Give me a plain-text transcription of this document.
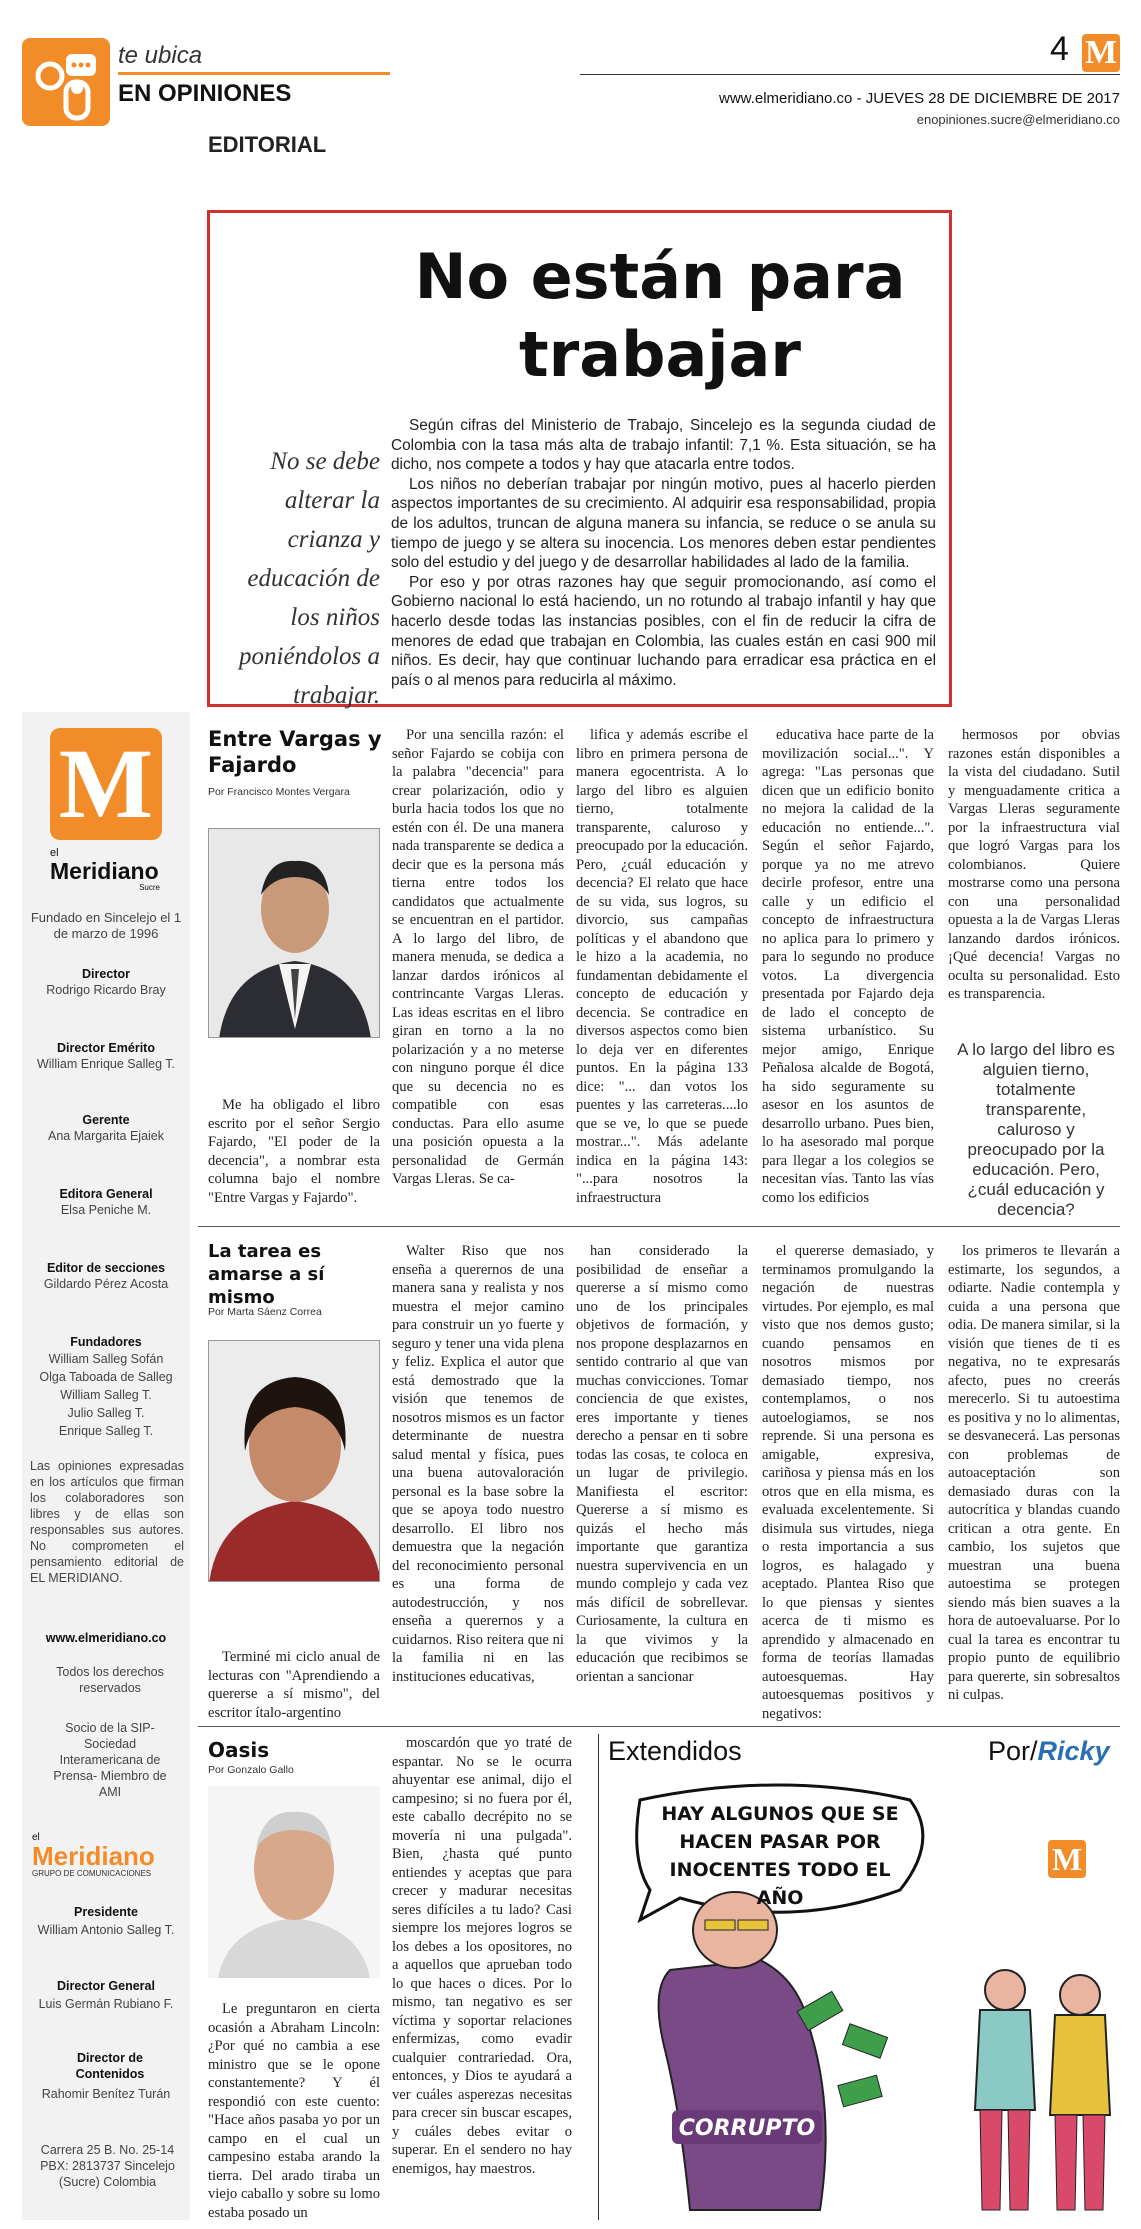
te ubica
EN OPINIONES
EDITORIAL
4 M
www.elmeridiano.co - JUEVES 28 DE DICIEMBRE DE 2017
enopiniones.sucre@elmeridiano.co
No están para trabajar
No se debe alterar la crianza y educación de los niños poniéndolos a trabajar.

Según cifras del Ministerio de Trabajo, Sincelejo es la segunda ciudad de Colombia con la tasa más alta de trabajo infantil: 7,1 %. Esta situación, se ha dicho, nos compete a todos y hay que atacarla entre todos.

Los niños no deberían trabajar por ningún motivo, pues al hacerlo pierden aspectos importantes de su crecimiento. Al adquirir esa responsabilidad, propia de los adultos, truncan de alguna manera su infancia, se reduce o se anula su tiempo de juego y se altera su inocencia. Los menores deben estar pendientes solo del estudio y del juego y de desarrollar habilidades al lado de la familia.

Por eso y por otras razones hay que seguir promocionando, así como el Gobierno nacional lo está haciendo, un no rotundo al trabajo infantil y hay que hacerlo desde todas las instancias posibles, con el fin de reducir la cifra de menores de edad que trabajan en Colombia, las cuales están en casi 900 mil niños. Es decir, hay que continuar luchando para erradicar esa práctica en el país o al menos para reducirla al máximo.

M
el
Meridiano
Sucre
Fundado en Sincelejo el 1 de marzo de 1996
Director
Rodrigo Ricardo Bray
Director Emérito
William Enrique Salleg T.
Gerente
Ana Margarita Ejaiek
Editora General
Elsa Peniche M.
Editor de secciones
Gildardo Pérez Acosta
Fundadores
William Salleg Sofán
Olga Taboada de Salleg
William Salleg T.
Julio Salleg T.
Enrique Salleg T.
Las opiniones expresadas en los artículos que firman los colaboradores son libres y de ellas son responsables sus autores. No comprometen el pensamiento editorial de EL MERIDIANO.
www.elmeridiano.co
Todos los derechos reservados
Socio de la SIP- Sociedad Interamericana de Prensa- Miembro de AMI
el
Meridiano
GRUPO DE COMUNICACIONES
Presidente
William Antonio Salleg T.
Director General
Luis Germán Rubiano F.
Director de Contenidos
Rahomir Benítez Turán
Carrera 25 B. No. 25-14 PBX: 2813737 Sincelejo (Sucre) Colombia
Entre Vargas y Fajardo
Por Francisco Montes Vergara

Me ha obligado el libro escrito por el señor Sergio Fajardo, "El poder de la decencia", a nombrar esta columna bajo el nombre "Entre Vargas y Fajardo".

Por una sencilla razón: el señor Fajardo se cobija con la palabra "decencia" para crear polarización, odio y burla hacia todos los que no estén con él. De una manera nada transparente se dedica a decir que es la persona más tierna entre todos los candidatos que actualmente se encuentran en el partidor. A lo largo del libro, de manera menuda, se dedica a lanzar dardos irónicos al contrincante Vargas Lleras. Las ideas escritas en el libro giran en torno a la no polarización y a no meterse con ninguno porque él dice que su decencia no es compatible con esas conductas. Para ello asume una posición opuesta a la personalidad de Germán Vargas Lleras. Se ca-

lifica y además escribe el libro en primera persona de manera egocentrista. A lo largo del libro es alguien tierno, totalmente transparente, caluroso y preocupado por la educación. Pero, ¿cuál educación y decencia? El relato que hace de su vida, sus logros, su divorcio, sus campañas políticas y el abandono que le hizo a la academia, no fundamentan debidamente el concepto de educación y decencia. Se contradice en diversos aspectos como bien lo deja ver en diferentes puntos. En la página 133 dice: "... dan votos los puentes y las carreteras....lo que se ve, lo que se puede mostrar...". Más adelante indica en la página 143: "...para nosotros la infraestructura

educativa hace parte de la movilización social...". Y agrega: "Las personas que dicen que un edificio bonito no mejora la calidad de la educación no entiende...". Según el señor Fajardo, porque ya no me atrevo decirle profesor, entre una calle y un edificio el concepto de infraestructura no aplica para lo primero y para lo segundo no produce votos. La divergencia presentada por Fajardo deja de lado el concepto de sistema urbanístico. Su mejor amigo, Enrique Peñalosa alcalde de Bogotá, ha sido seguramente su asesor en los asuntos de desarrollo urbano. Pues bien, lo ha asesorado mal porque para llegar a los colegios se necesitan vías. Tanto las vías como los edificios

hermosos por obvias razones están disponibles a la vista del ciudadano. Sutil y menguadamente critica a Vargas Lleras seguramente por la infraestructura vial que logró Vargas para los colombianos. Quiere mostrarse como una persona con una personalidad opuesta a la de Vargas Lleras lanzando dardos irónicos. ¡Qué decencia! Vargas no oculta su personalidad. Esto es transparencia.

A lo largo del libro es alguien tierno, totalmente transparente, caluroso y preocupado por la educación. Pero, ¿cuál educación y decencia?
La tarea es amarse a sí mismo
Por Marta Sáenz Correa

Terminé mi ciclo anual de lecturas con "Aprendiendo a quererse a sí mismo", del escritor ítalo-argentino

Walter Riso que nos enseña a querernos de una manera sana y realista y nos muestra el mejor camino para construir un yo fuerte y seguro y tener una vida plena y feliz. Explica el autor que está demostrado que la visión que tenemos de nosotros mismos es un factor determinante de nuestra salud mental y física, pues una buena autovaloración personal es la base sobre la que se apoya todo nuestro desarrollo. El libro nos demuestra que la negación del reconocimiento personal es una forma de autodestrucción, y nos enseña a querernos y a cuidarnos. Riso reitera que ni la familia ni en las instituciones educativas,

han considerado la posibilidad de enseñar a quererse a sí mismo como uno de los principales objetivos de formación, y nos propone desplazarnos en sentido contrario al que van muchas convicciones. Tomar conciencia de que existes, eres importante y tienes derecho a pensar en ti sobre todas las cosas, te coloca en un lugar de privilegio. Manifiesta el escritor: Quererse a sí mismo es quizás el hecho más importante que garantiza nuestra supervivencia en un mundo complejo y cada vez más difícil de sobrellevar. Curiosamente, la cultura en la que vivimos y la educación que recibimos se orientan a sancionar

el quererse demasiado, y terminamos promulgando la negación de nuestras virtudes. Por ejemplo, es mal visto que nos demos gusto; cuando pensamos en nosotros mismos por demasiado tiempo, nos contemplamos, o nos autoelogiamos, se nos reprende. Si una persona es amigable, expresiva, cariñosa y piensa más en los otros que en ella misma, es evaluada excelentemente. Si disimula sus virtudes, niega o resta importancia a sus logros, es halagado y aceptado. Plantea Riso que lo que piensas y sientes acerca de ti mismo es aprendido y almacenado en forma de teorías llamadas autoesquemas. Hay autoesquemas positivos y negativos:

los primeros te llevarán a estimarte, los segundos, a odiarte. Nadie contempla y cuida a una persona que odia. De manera similar, si la visión que tienes de ti es negativa, no te expresarás afecto, pues no creerás merecerlo. Si tu autoestima es positiva y no lo alimentas, se desvanecerá. Las personas con problemas de autoaceptación son demasiado duras con la autocrítica y blandas cuando critican a otra gente. En cambio, los sujetos que muestran una buena autoestima se protegen siendo más bien suaves a la hora de autoevaluarse. Por lo cual la tarea es encontrar tu propio punto de equilibrio para quererte, sin sobresaltos ni culpas.

Oasis
Por Gonzalo Gallo

Le preguntaron en cierta ocasión a Abraham Lincoln: ¿Por qué no cambia a ese ministro que se le opone constantemente? Y él respondió con este cuento: "Hace años pasaba yo por un campo en el cual un campesino estaba arando la tierra. Del arado tiraba un viejo caballo y sobre su lomo estaba posado un

moscardón que yo traté de espantar. No se le ocurra ahuyentar ese animal, dijo el campesino; si no fuera por él, este caballo decrépito no se movería ni una pulgada". Bien, ¿hasta qué punto entiendes y aceptas que para crecer y madurar necesitas seres difíciles a tu lado? Casi siempre los mejores logros se los debes a los opositores, no a aquellos que aprueban todo lo que haces o dices. Por lo mismo, tan negativo es ser víctima y soportar relaciones enfermizas, como evadir cualquier contrariedad. Ora, entonces, y Dios te ayudará a ver cuáles asperezas necesitas para crecer sin buscar escapes, y cuáles debes evitar o superar. En el sendero no hay enemigos, hay maestros.

Extendidos	Por/Ricky
HAY ALGUNOS QUE SE HACEN PASAR POR INOCENTES TODO EL AÑO
CORRUPTO
M
